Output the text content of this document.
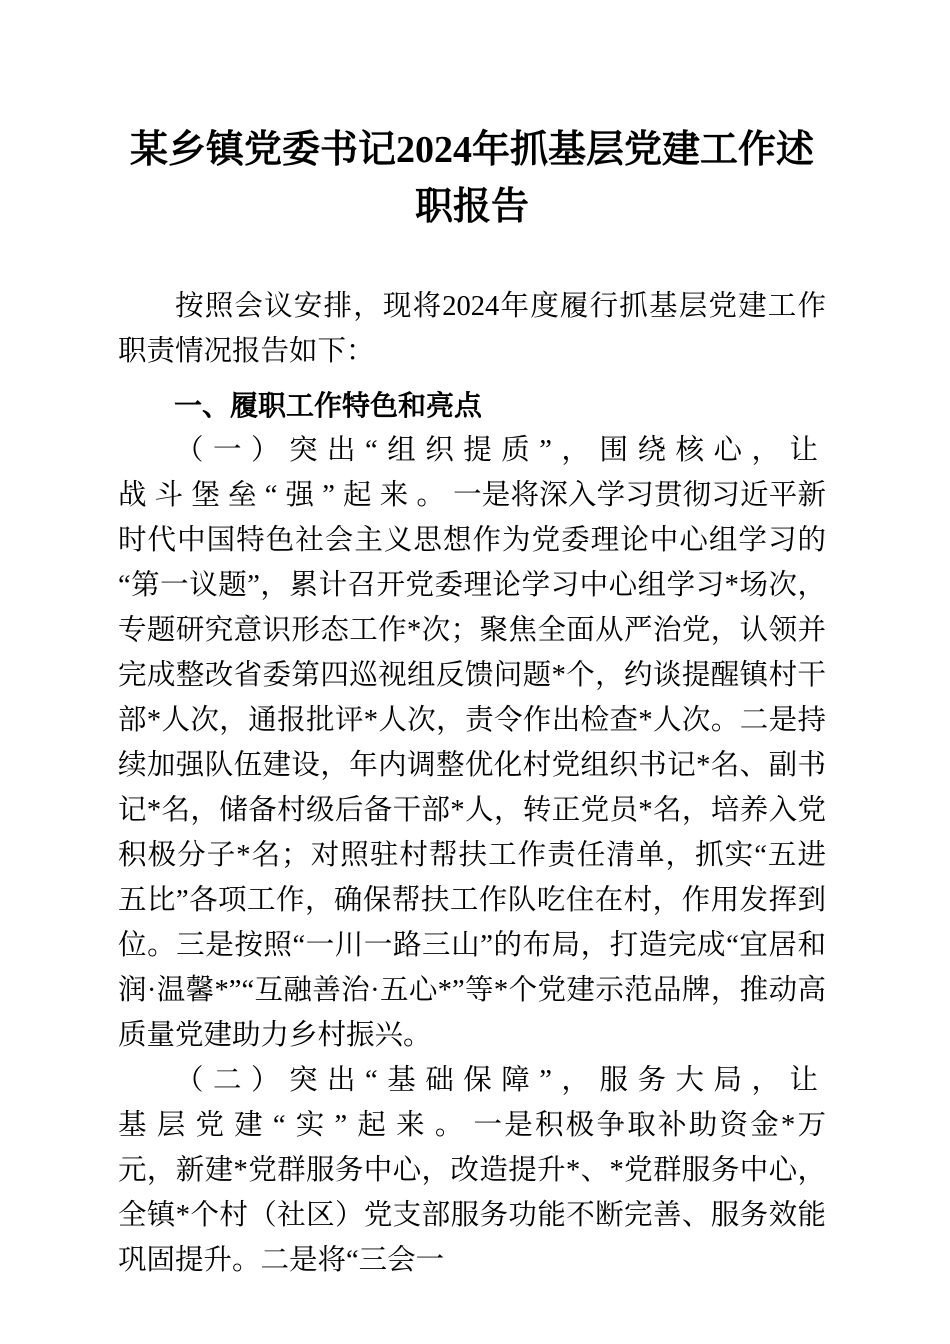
某乡镇党委书记2024年抓基层党建工作述职报告

按照会议安排，现将2024年度履行抓基层党建工作职责情况报告如下：

一、履职工作特色和亮点

（一）突出“组织提质”，围绕核心，让战斗堡垒“强”起来。一是将深入学习贯彻习近平新时代中国特色社会主义思想作为党委理论中心组学习的“第一议题”，累计召开党委理论学习中心组学习*场次，专题研究意识形态工作*次；聚焦全面从严治党，认领并完成整改省委第四巡视组反馈问题*个，约谈提醒镇村干部*人次，通报批评*人次，责令作出检查*人次。二是持续加强队伍建设，年内调整优化村党组织书记*名、副书记*名，储备村级后备干部*人，转正党员*名，培养入党积极分子*名；对照驻村帮扶工作责任清单，抓实“五进五比”各项工作，确保帮扶工作队吃住在村，作用发挥到位。三是按照“一川一路三山”的布局，打造完成“宜居和润·温馨*”“互融善治·五心*”等*个党建示范品牌，推动高质量党建助力乡村振兴。

（二）突出“基础保障”，服务大局，让基层党建“实”起来。一是积极争取补助资金*万元，新建*党群服务中心，改造提升*、*党群服务中心，全镇*个村（社区）党支部服务功能不断完善、服务效能巩固提升。二是将“三会一
